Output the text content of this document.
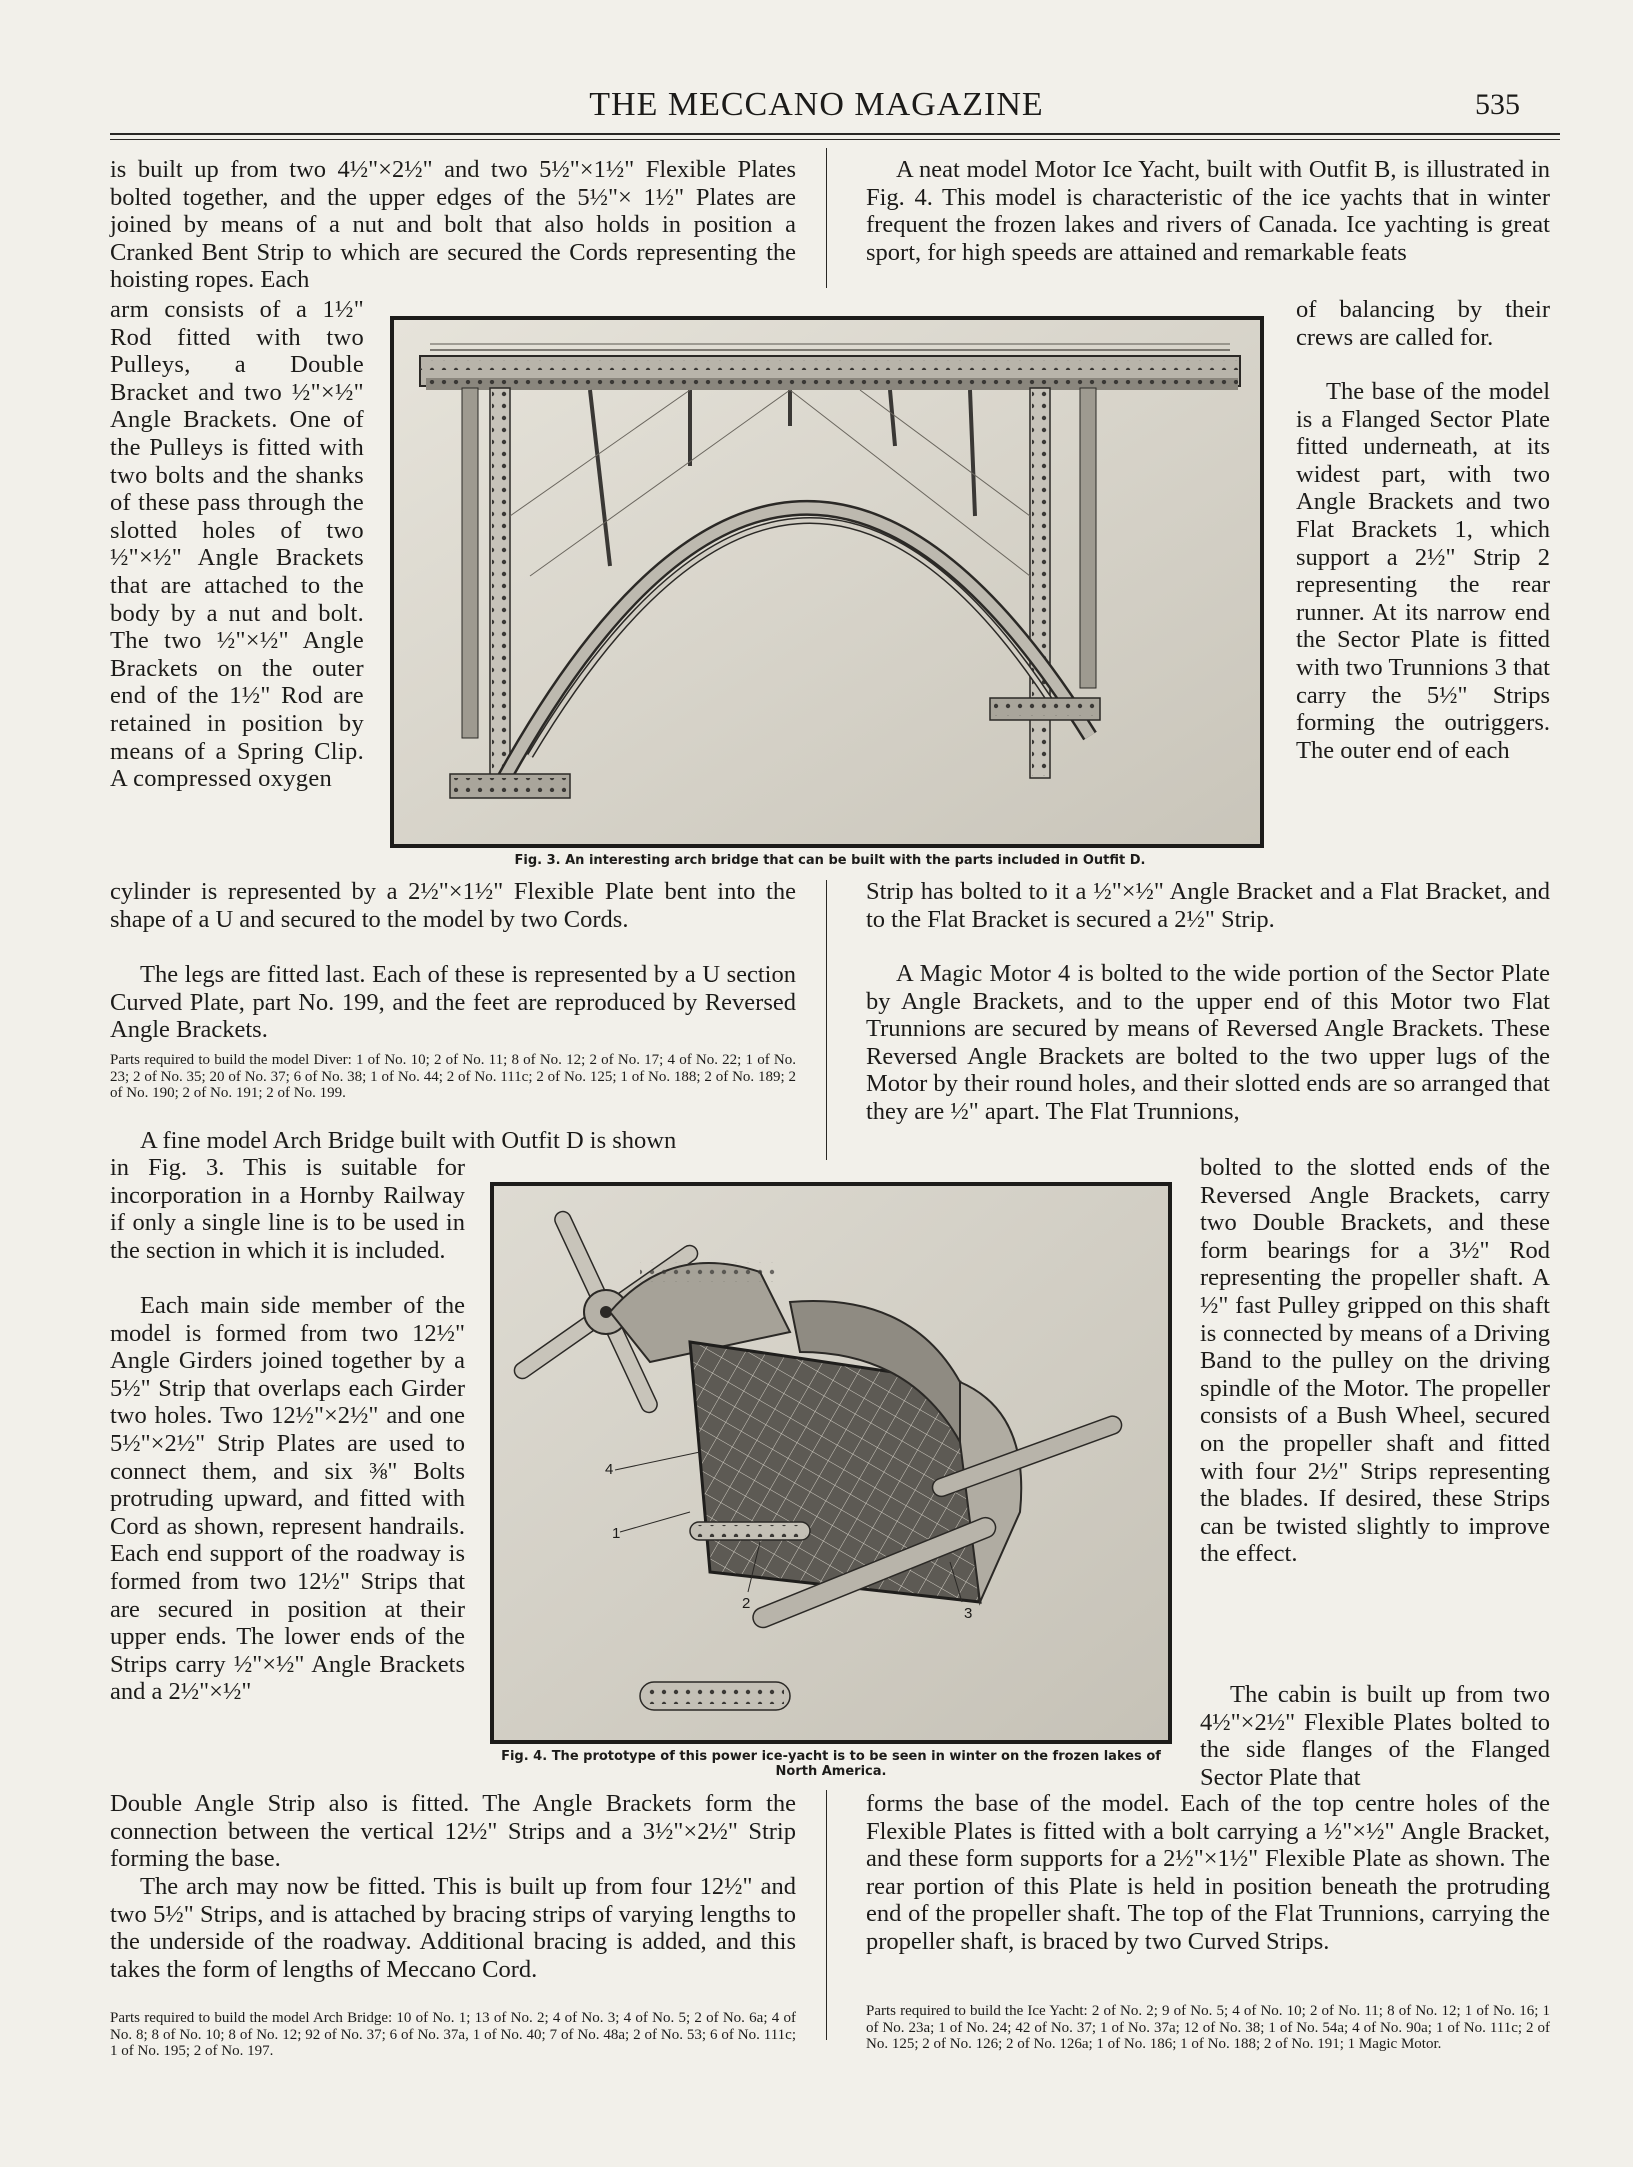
THE MECCANO MAGAZINE	535
is built up from two 4½"×2½" and two 5½"×1½" Flexible Plates bolted together, and the upper edges of the 5½"× 1½" Plates are joined by means of a nut and bolt that also holds in position a Cranked Bent Strip to which are secured the Cords representing the hoisting ropes. Each
arm consists of a 1½" Rod fitted with two Pulleys, a Double Bracket and two ½"×½" Angle Brackets. One of the Pulleys is fitted with two bolts and the shanks of these pass through the slotted holes of two ½"×½" Angle Brackets that are attached to the body by a nut and bolt. The two ½"×½" Angle Brackets on the outer end of the 1½" Rod are retained in position by means of a Spring Clip. A compressed oxygen
cylinder is represented by a 2½"×1½" Flexible Plate bent into the shape of a U and secured to the model by two Cords.
The legs are fitted last. Each of these is represented by a U section Curved Plate, part No. 199, and the feet are reproduced by Reversed Angle Brackets.
Parts required to build the model Diver: 1 of No. 10; 2 of No. 11; 8 of No. 12; 2 of No. 17; 4 of No. 22; 1 of No. 23; 2 of No. 35; 20 of No. 37; 6 of No. 38; 1 of No. 44; 2 of No. 111c; 2 of No. 125; 1 of No. 188; 2 of No. 189; 2 of No. 190; 2 of No. 191; 2 of No. 199.
A fine model Arch Bridge built with Outfit D is shown
in Fig. 3. This is suitable for incorporation in a Hornby Railway if only a single line is to be used in the section in which it is included.
Each main side member of the model is formed from two 12½" Angle Girders joined together by a 5½" Strip that overlaps each Girder two holes. Two 12½"×2½" and one 5½"×2½" Strip Plates are used to connect them, and six ⅜" Bolts protruding upward, and fitted with Cord as shown, represent handrails. Each end support of the roadway is formed from two 12½" Strips that are secured in position at their upper ends. The lower ends of the Strips carry ½"×½" Angle Brackets and a 2½"×½"
Double Angle Strip also is fitted. The Angle Brackets form the connection between the vertical 12½" Strips and a 3½"×2½" Strip forming the base.
The arch may now be fitted. This is built up from four 12½" and two 5½" Strips, and is attached by bracing strips of varying lengths to the underside of the roadway. Additional bracing is added, and this takes the form of lengths of Meccano Cord.
Parts required to build the model Arch Bridge: 10 of No. 1; 13 of No. 2; 4 of No. 3; 4 of No. 5; 2 of No. 6a; 4 of No. 8; 8 of No. 10; 8 of No. 12; 92 of No. 37; 6 of No. 37a, 1 of No. 40; 7 of No. 48a; 2 of No. 53; 6 of No. 111c; 1 of No. 195; 2 of No. 197.
A neat model Motor Ice Yacht, built with Outfit B, is illustrated in Fig. 4. This model is characteristic of the ice yachts that in winter frequent the frozen lakes and rivers of Canada. Ice yachting is great sport, for high speeds are attained and remarkable feats
of balancing by their crews are called for.
The base of the model is a Flanged Sector Plate fitted underneath, at its widest part, with two Angle Brackets and two Flat Brackets 1, which support a 2½" Strip 2 representing the rear runner. At its narrow end the Sector Plate is fitted with two Trunnions 3 that carry the 5½" Strips forming the outriggers. The outer end of each
Strip has bolted to it a ½"×½" Angle Bracket and a Flat Bracket, and to the Flat Bracket is secured a 2½" Strip.
A Magic Motor 4 is bolted to the wide portion of the Sector Plate by Angle Brackets, and to the upper end of this Motor two Flat Trunnions are secured by means of Reversed Angle Brackets. These Reversed Angle Brackets are bolted to the two upper lugs of the Motor by their round holes, and their slotted ends are so arranged that they are ½" apart. The Flat Trunnions,
bolted to the slotted ends of the Reversed Angle Brackets, carry two Double Brackets, and these form bearings for a 3½" Rod representing the propeller shaft. A ½" fast Pulley gripped on this shaft is connected by means of a Driving Band to the pulley on the driving spindle of the Motor. The propeller consists of a Bush Wheel, secured on the propeller shaft and fitted with four 2½" Strips representing the blades. If desired, these Strips can be twisted slightly to improve the effect.
The cabin is built up from two 4½"×2½" Flexible Plates bolted to the side flanges of the Flanged Sector Plate that
forms the base of the model. Each of the top centre holes of the Flexible Plates is fitted with a bolt carrying a ½"×½" Angle Bracket, and these form supports for a 2½"×1½" Flexible Plate as shown. The rear portion of this Plate is held in position beneath the protruding end of the propeller shaft. The top of the Flat Trunnions, carrying the propeller shaft, is braced by two Curved Strips.
Parts required to build the Ice Yacht: 2 of No. 2; 9 of No. 5; 4 of No. 10; 2 of No. 11; 8 of No. 12; 1 of No. 16; 1 of No. 23a; 1 of No. 24; 42 of No. 37; 1 of No. 37a; 12 of No. 38; 1 of No. 54a; 4 of No. 90a; 1 of No. 111c; 2 of No. 125; 2 of No. 126; 2 of No. 126a; 1 of No. 186; 1 of No. 188; 2 of No. 191; 1 Magic Motor.
Fig. 3. An interesting arch bridge that can be built with the parts included in Outfit D.
1
2
3
4
Fig. 4. The prototype of this power ice-yacht is to be seen in winter on the frozen lakes of North America.
